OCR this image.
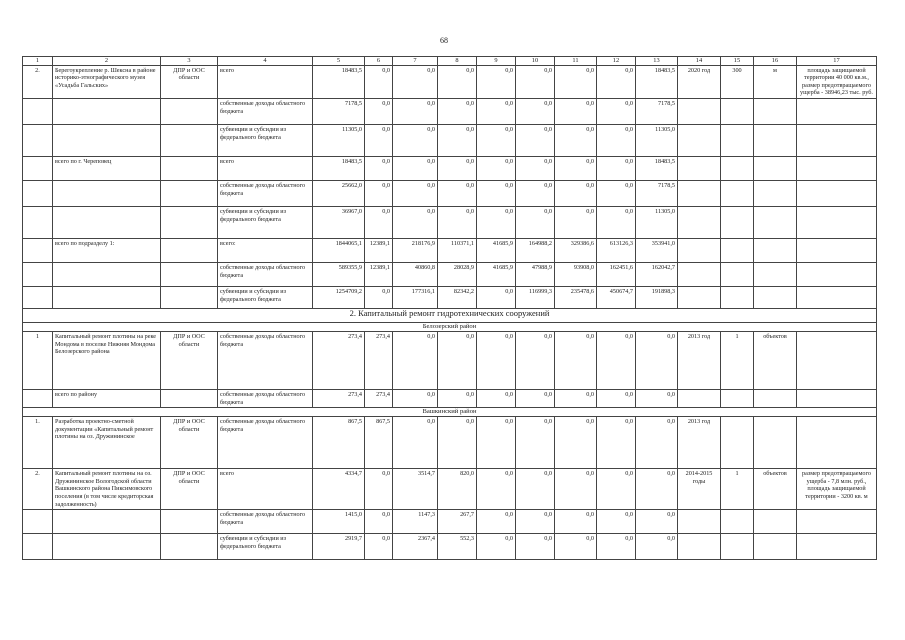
68
1	2	3	4	5	6	7	8	9	10	11	12	13	14	15	16	17
2.	Берегоукрепление р. Шексна в районе историко-этнографического музея «Усадьба Гальских»	ДПР и ООС области	всего	18483,5	0,0	0,0	0,0	0,0	0,0	0,0	0,0	18483,5	2020 год	300	м	площадь защищаемой территории 40 000 кв.м., размер предотвращаемого ущерба - 38946,23 тыс. руб.
			собственные доходы областного бюджета	7178,5	0,0	0,0	0,0	0,0	0,0	0,0	0,0	7178,5				
			субвенции и субсидии из федерального бюджета	11305,0	0,0	0,0	0,0	0,0	0,0	0,0	0,0	11305,0				
	всего по г. Череповец		всего	18483,5	0,0	0,0	0,0	0,0	0,0	0,0	0,0	18483,5				
			собственные доходы областного бюджета	25662,0	0,0	0,0	0,0	0,0	0,0	0,0	0,0	7178,5				
			субвенции и субсидии из федерального бюджета	36967,0	0,0	0,0	0,0	0,0	0,0	0,0	0,0	11305,0				
	всего по подразделу 1:		всего:	1844065,1	12389,1	218176,9	110371,1	41685,9	164988,2	329386,6	613126,3	353941,0				
			собственные доходы областного бюджета	589355,9	12389,1	40860,8	28028,9	41685,9	47988,9	93908,0	162451,6	162042,7				
			субвенции и субсидии из федерального бюджета	1254709,2	0,0	177316,1	82342,2	0,0	116999,3	235478,6	450674,7	191898,3				
2. Капитальный ремонт гидротехнических сооружений																
Белозерский район																
1	Капитальный ремонт плотины на реке Мондома в поселке Нижняя Мондома Белозерского района	ДПР и ООС области	собственные доходы областного бюджета	273,4	273,4	0,0	0,0	0,0	0,0	0,0	0,0	0,0	2013 год	1	объектов	
	всего по району		собственные доходы областного бюджета	273,4	273,4	0,0	0,0	0,0	0,0	0,0	0,0	0,0				
Вашкинский район																
1.	Разработка проектно-сметной документации «Капитальный ремонт плотины на оз. Дружининское	ДПР и ООС области	собственные доходы областного бюджета	867,5	867,5	0,0	0,0	0,0	0,0	0,0	0,0	0,0	2013 год			
2.	Капитальный ремонт плотины на оз. Дружининское Вологодской области Вашкинского района Пиксимовского поселения (в том числе кредиторская задолженность)	ДПР и ООС области	всего	4334,7	0,0	3514,7	820,0	0,0	0,0	0,0	0,0	0,0	2014-2015 годы	1	объектов	размер предотвращаемого ущерба - 7,8 млн. руб., площадь защищаемой территории - 3200 кв. м
			собственные доходы областного бюджета	1415,0	0,0	1147,3	267,7	0,0	0,0	0,0	0,0	0,0				
			субвенции и субсидии из федерального бюджета	2919,7	0,0	2367,4	552,3	0,0	0,0	0,0	0,0	0,0				
